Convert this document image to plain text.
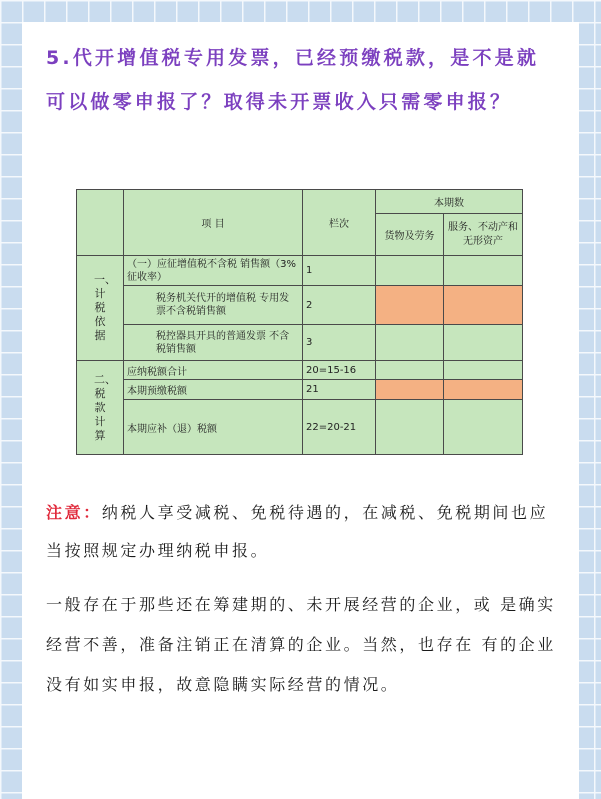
5.代开增值税专用发票，已经预缴税款，是不是就可以做零申报了？取得未开票收入只需零申报？

	项 目	栏次	本期数	
			货物及劳务	服务、不动产和无形资产
一、计税依据	（一）应征增值税不含税 销售额（3%征收率）	1		
	税务机关代开的增值税 专用发票不含税销售额	2		
	税控器具开具的普通发票 不含税销售额	3		
二、税款计算	应纳税额合计	20=15-16		
	本期预缴税额	21		
	本期应补（退）税额	22=20-21		

注意：纳税人享受减税、免税待遇的，在减税、免税期间也应当按照规定办理纳税申报。

一般存在于那些还在筹建期的、未开展经营的企业，或 是确实经营不善，准备注销正在清算的企业。当然，也存在 有的企业没有如实申报，故意隐瞒实际经营的情况。
